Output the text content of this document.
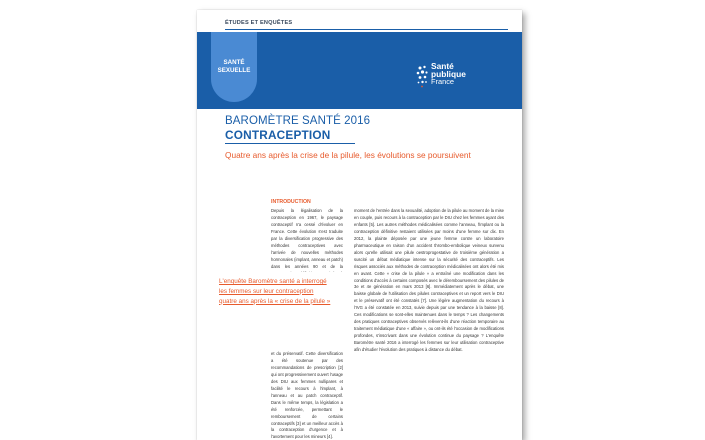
ÉTUDES ET ENQUÊTES
SANTÉ SEXUELLE	Santé
publique
France
BAROMÈTRE SANTÉ 2016
CONTRACEPTION
Quatre ans après la crise de la pilule, les évolutions se poursuivent
INTRODUCTION

Depuis la légalisation de la contraception en 1967, le paysage contraceptif n'a cessé d'évoluer en France. Cette évolution s'est traduite par la diversification progressive des méthodes contraceptives avec l'arrivée de nouvelles méthodes hormonales (implant, anneau et patch) dans les années 90 et de la

L'enquête Baromètre santé a interrogé
les femmes sur leur contraception
quatre ans après la « crise de la pilule »

et du préservatif. Cette diversification a été soutenue par des recommandations de prescription [2] qui ont progressivement ouvert l'usage des DIU aux femmes nullipares et facilité le recours à l'implant, à l'anneau et au patch contraceptif. Dans le même temps, la législation a été renforcée, permettant le remboursement de certains contraceptifs [3] et un meilleur accès à la contraception d'urgence et à l'avortement pour les mineurs [4].

moment de l'entrée dans la sexualité, adoption de la pilule au moment de la mise en couple, puis recours à la contraception par le DIU chez les femmes ayant des enfants [5]. Les autres méthodes médicalisées comme l'anneau, l'implant ou la contraception définitive restaient utilisées par moins d'une femme sur dix. En 2012, la plainte déposée par une jeune femme contre un laboratoire pharmaceutique en raison d'un accident thrombo-embolique veineux survenu alors qu'elle utilisait une pilule oestroprogestative de troisième génération a suscité un débat médiatique intense sur la sécurité des contraceptifs. Les risques associés aux méthodes de contraception médicalisées ont alors été mis en avant. Cette « crise de la pilule » a entraîné une modification dans les conditions d'accès à certains composés avec le déremboursement des pilules de 3e et 4e génération en mars 2013 [6]. Immédiatement après le débat, une baisse globale de l'utilisation des pilules contraceptives et un report vers le DIU et le préservatif ont été constatés [7]. Une légère augmentation du recours à l'IVG a été constatée en 2013, suivie depuis par une tendance à la baisse [8]. Ces modifications se sont-elles maintenues dans le temps ? Les changements des pratiques contraceptives observés relèvent-ils d'une réaction temporaire au traitement médiatique d'une « affaire », ou ont-ils été l'occasion de modifications profondes, s'inscrivant dans une évolution continue du paysage ? L'enquête Baromètre santé 2016 a interrogé les femmes sur leur utilisation contraceptive afin d'étudier l'évolution des pratiques à distance du débat.
